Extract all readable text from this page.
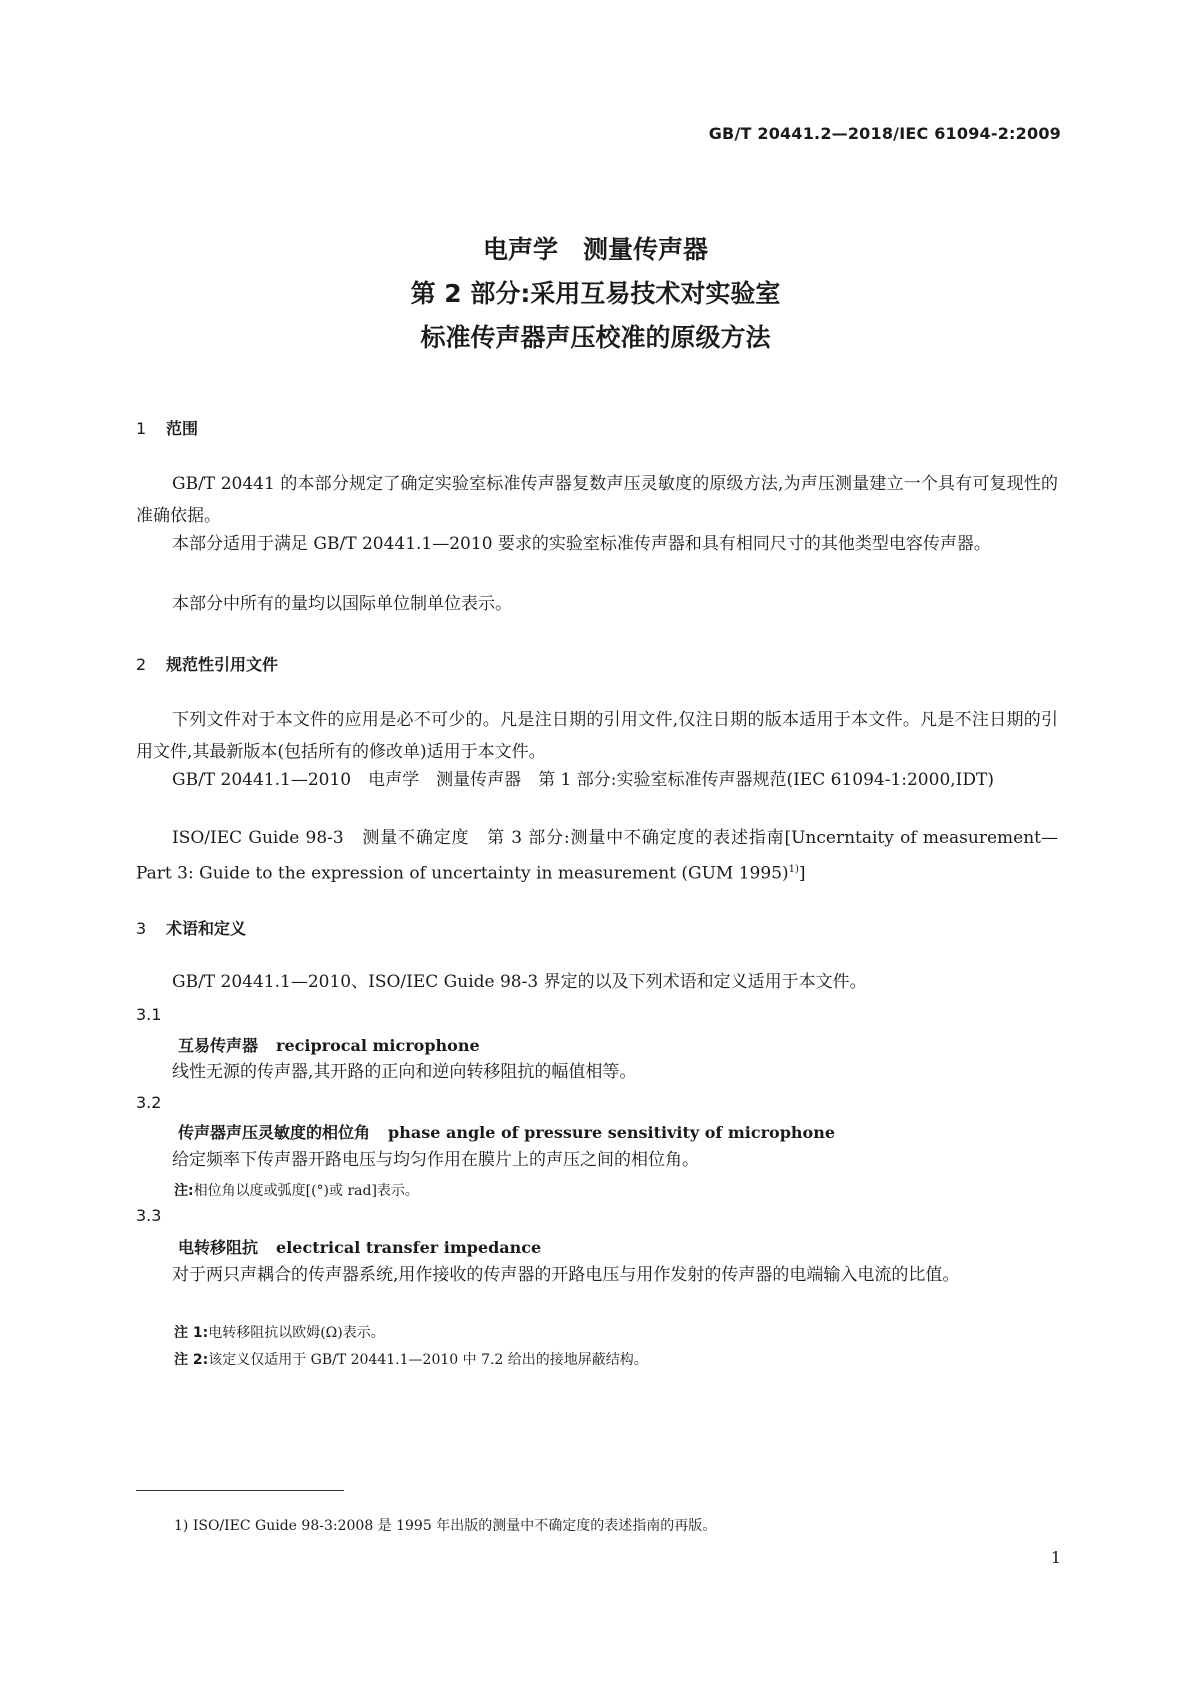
GB/T 20441.2—2018/IEC 61094-2:2009
电声学　测量传声器
第 2 部分:采用互易技术对实验室
标准传声器声压校准的原级方法
1 范围
GB/T 20441 的本部分规定了确定实验室标准传声器复数声压灵敏度的原级方法,为声压测量建立一个具有可复现性的准确依据。
本部分适用于满足 GB/T 20441.1—2010 要求的实验室标准传声器和具有相同尺寸的其他类型电容传声器。
本部分中所有的量均以国际单位制单位表示。
2 规范性引用文件
下列文件对于本文件的应用是必不可少的。凡是注日期的引用文件,仅注日期的版本适用于本文件。凡是不注日期的引用文件,其最新版本(包括所有的修改单)适用于本文件。
GB/T 20441.1—2010　电声学　测量传声器　第 1 部分:实验室标准传声器规范(IEC 61094-1:2000,IDT)
ISO/IEC Guide 98-3　测量不确定度　第 3 部分:测量中不确定度的表述指南[Uncerntaity of measurement—Part 3: Guide to the expression of uncertainty in measurement (GUM 1995)$^{1)}$]
3 术语和定义
GB/T 20441.1—2010、ISO/IEC Guide 98-3 界定的以及下列术语和定义适用于本文件。
3.1
互易传声器 reciprocal microphone
线性无源的传声器,其开路的正向和逆向转移阻抗的幅值相等。
3.2
传声器声压灵敏度的相位角 phase angle of pressure sensitivity of microphone
给定频率下传声器开路电压与均匀作用在膜片上的声压之间的相位角。
注:相位角以度或弧度[(°)或 rad]表示。
3.3
电转移阻抗 electrical transfer impedance
对于两只声耦合的传声器系统,用作接收的传声器的开路电压与用作发射的传声器的电端输入电流的比值。
注 1:电转移阻抗以欧姆(Ω)表示。
注 2:该定义仅适用于 GB/T 20441.1—2010 中 7.2 给出的接地屏蔽结构。
1) ISO/IEC Guide 98-3:2008 是 1995 年出版的测量中不确定度的表述指南的再版。
1
